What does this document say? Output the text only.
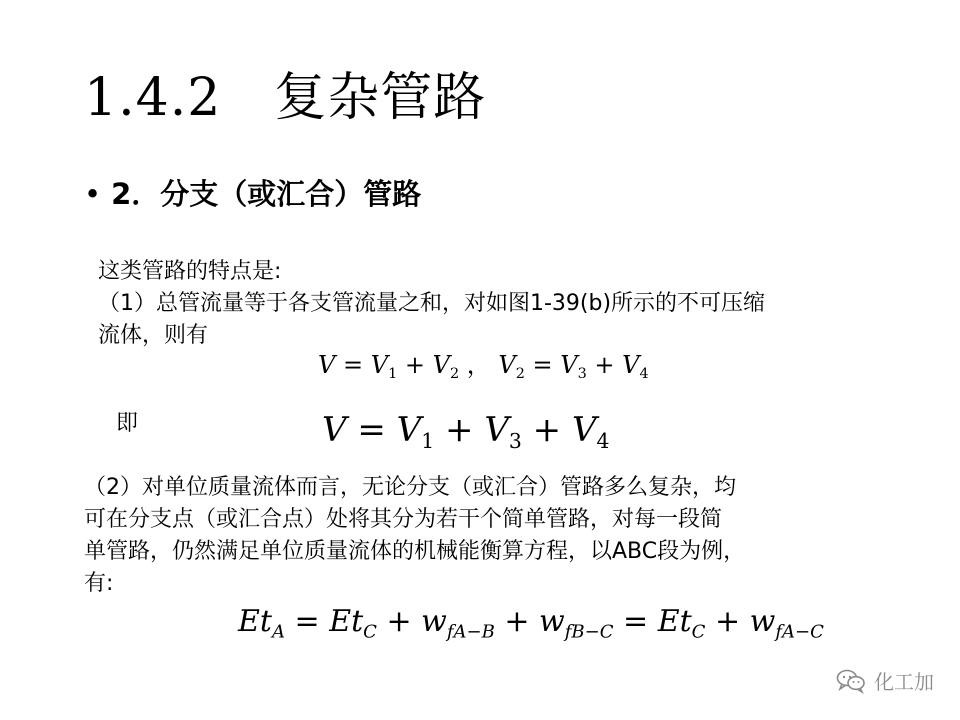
1.4.2　复杂管路
• 2．分支（或汇合）管路
这类管路的特点是:
（1）总管流量等于各支管流量之和，对如图1-39(b)所示的不可压缩
流体，则有
$V = V_1 + V_2$ ， $V_2 = V_3 + V_4$
即	$V = V_1 + V_3 + V_4$
（2）对单位质量流体而言，无论分支（或汇合）管路多么复杂，均
可在分支点（或汇合点）处将其分为若干个简单管路，对每一段简
单管路，仍然满足单位质量流体的机械能衡算方程，以ABC段为例，
有:
$Et_A = Et_C + w_{fA-B} + w_{fB-C} = Et_C + w_{fA-C}$
化工加
